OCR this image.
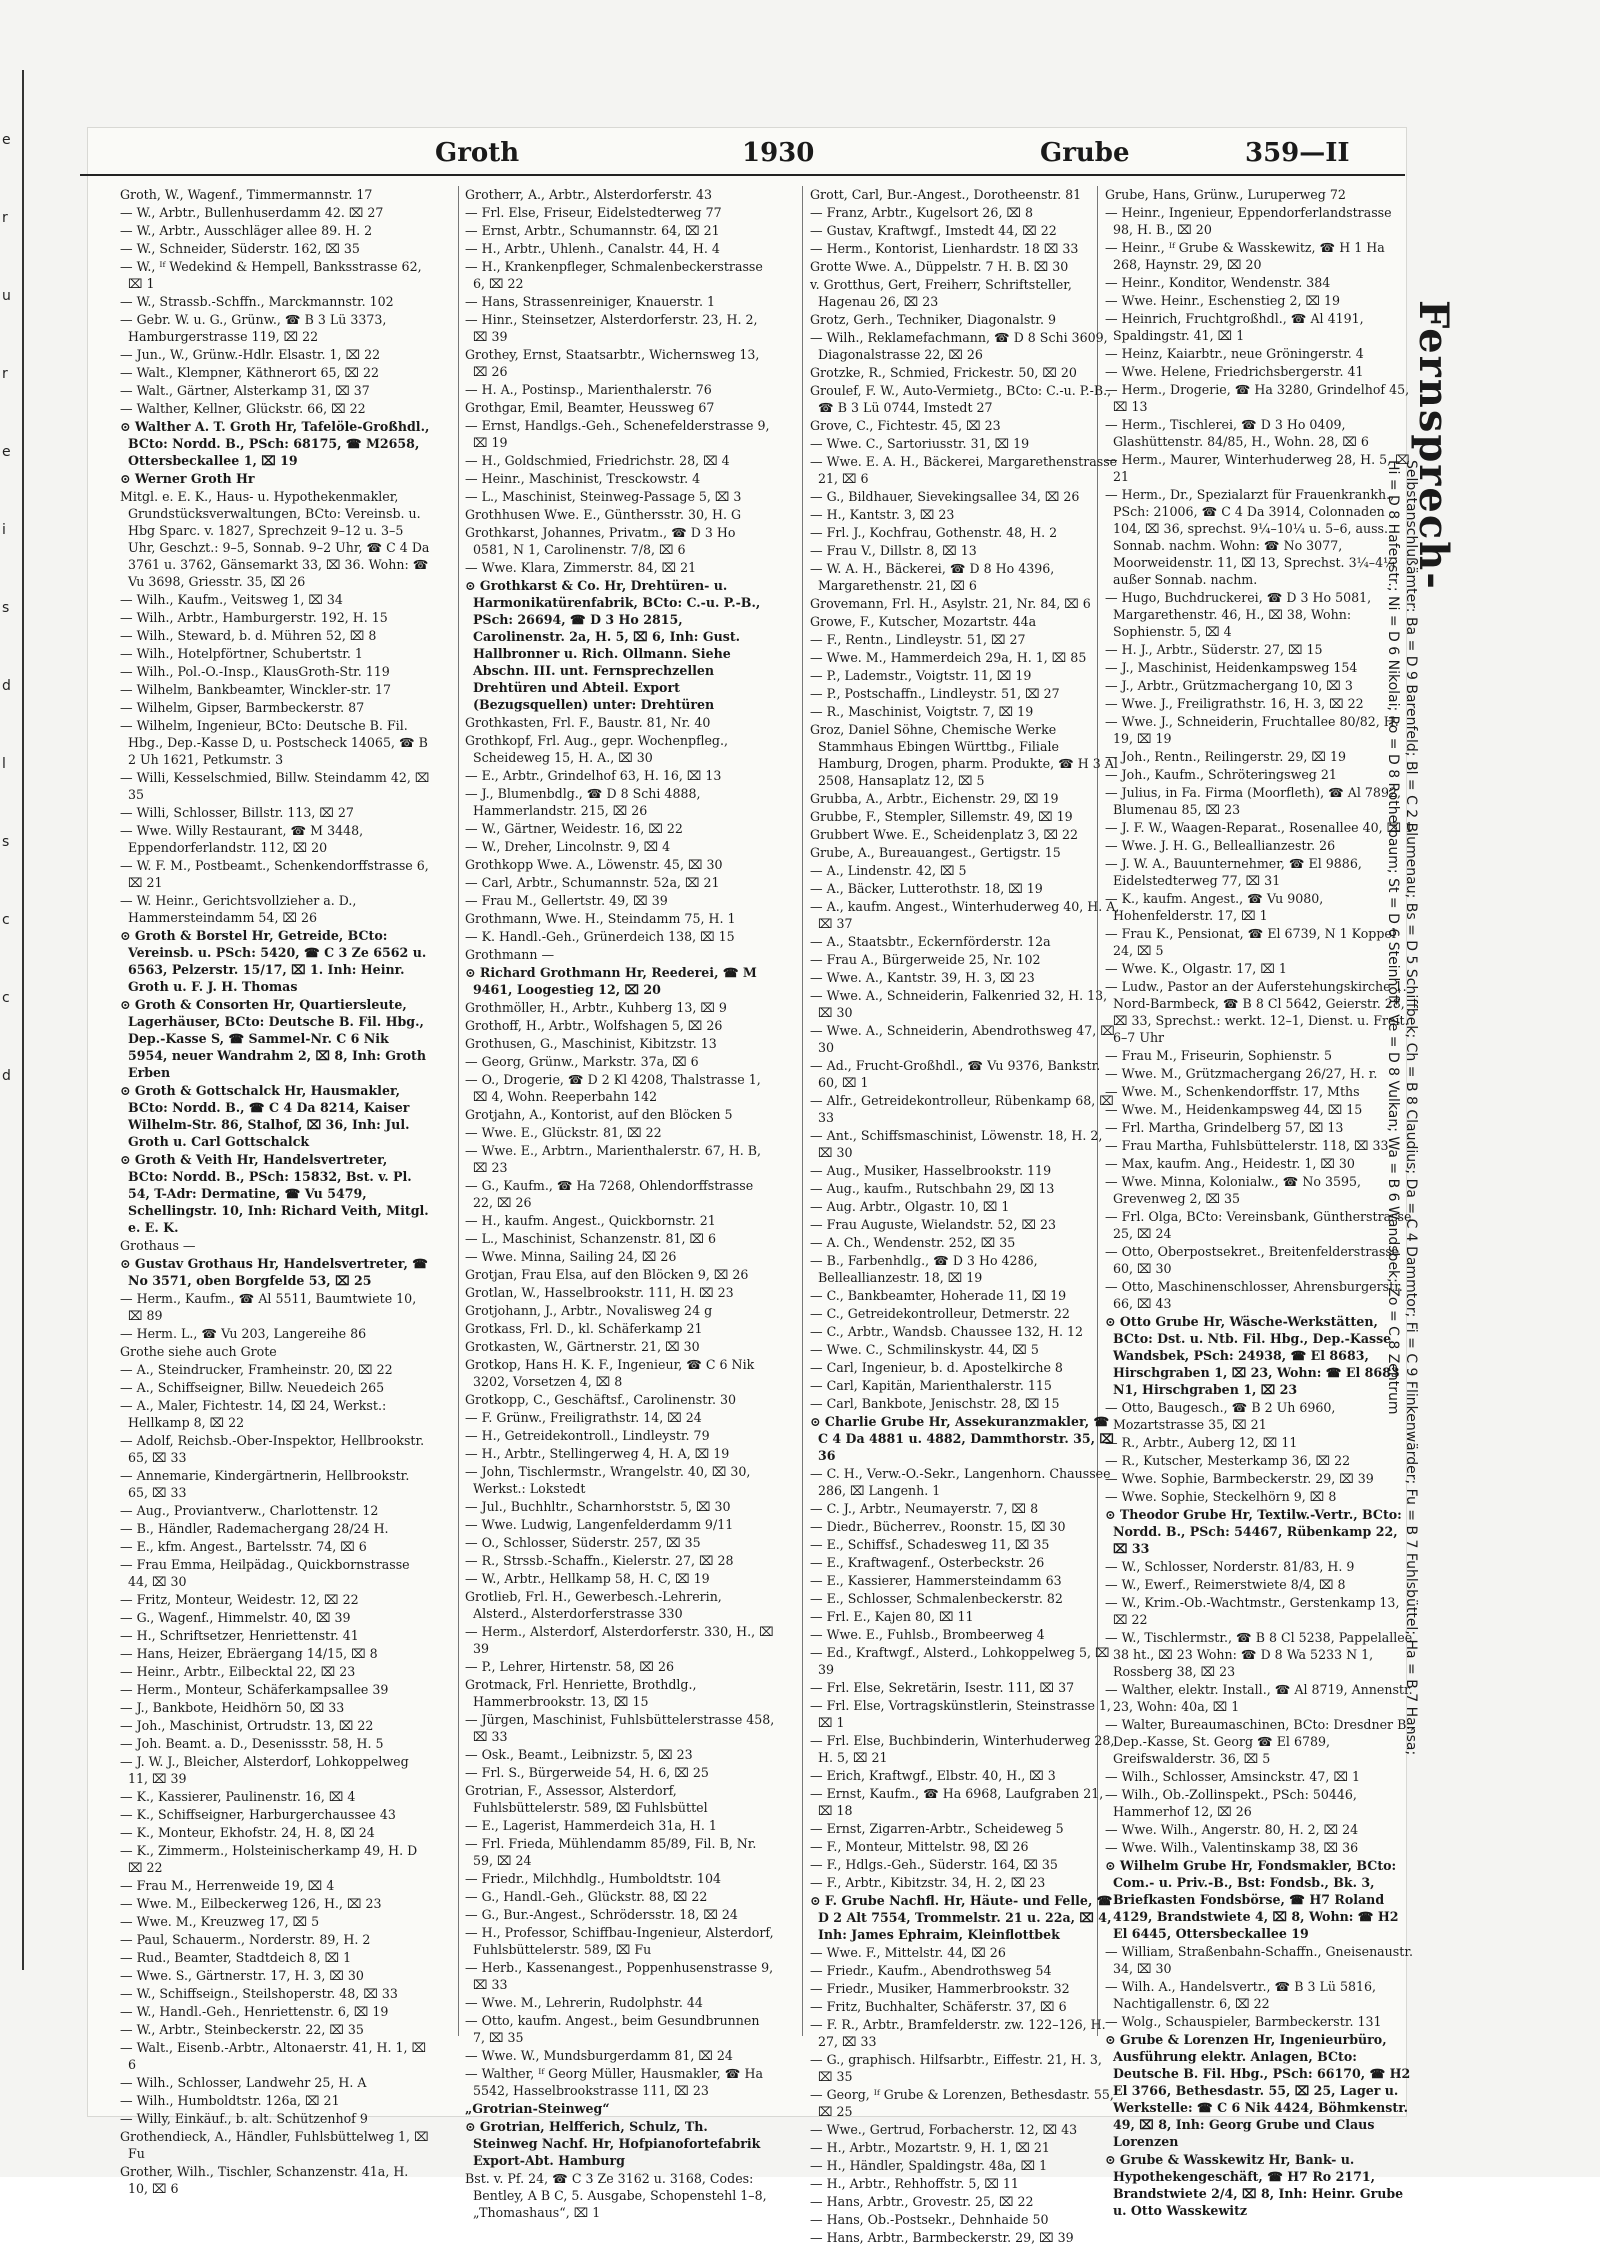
e
r
u
r
e
i
s
d
l
s
c
c
d
Groth	1930	Grube	359—II
Groth, W., Wagenf., Timmermannstr. 17
— W., Arbtr., Bullenhuserdamm 42. ⌧ 27
— W., Arbtr., Ausschläger allee 89. H. 2
— W., Schneider, Süderstr. 162, ⌧ 35
— W., ᴵᶠ Wedekind & Hempell, Banksstrasse 62, ⌧ 1
— W., Strassb.-Schffn., Marckmannstr. 102
— Gebr. W. u. G., Grünw., ☎ B 3 Lü 3373, Hamburgerstrasse 119, ⌧ 22
— Jun., W., Grünw.-Hdlr. Elsastr. 1, ⌧ 22
— Walt., Klempner, Käthnerort 65, ⌧ 22
— Walt., Gärtner, Alsterkamp 31, ⌧ 37
— Walther, Kellner, Glückstr. 66, ⌧ 22
⊙ Walther A. T. Groth Hr, Tafelöle-Großhdl., BCto: Nordd. B., PSch: 68175, ☎ M2658, Ottersbeckallee 1, ⌧ 19
⊙ Werner Groth Hr
Mitgl. e. E. K., Haus- u. Hypothekenmakler, Grundstücksverwaltungen, BCto: Vereinsb. u. Hbg Sparc. v. 1827, Sprechzeit 9–12 u. 3–5 Uhr, Geschzt.: 9–5, Sonnab. 9–2 Uhr, ☎ C 4 Da 3761 u. 3762, Gänsemarkt 33, ⌧ 36. Wohn: ☎ Vu 3698, Griesstr. 35, ⌧ 26
— Wilh., Kaufm., Veitsweg 1, ⌧ 34
— Wilh., Arbtr., Hamburgerstr. 192, H. 15
— Wilh., Steward, b. d. Mühren 52, ⌧ 8
— Wilh., Hotelpförtner, Schubertstr. 1
— Wilh., Pol.-O.-Insp., KlausGroth-Str. 119
— Wilhelm, Bankbeamter, Winckler-str. 17
— Wilhelm, Gipser, Barmbeckerstr. 87
— Wilhelm, Ingenieur, BCto: Deutsche B. Fil. Hbg., Dep.-Kasse D, u. Postscheck 14065, ☎ B 2 Uh 1621, Petkumstr. 3
— Willi, Kesselschmied, Billw. Steindamm 42, ⌧ 35
— Willi, Schlosser, Billstr. 113, ⌧ 27
— Wwe. Willy Restaurant, ☎ M 3448, Eppendorferlandstr. 112, ⌧ 20
— W. F. M., Postbeamt., Schenkendorffstrasse 6, ⌧ 21
— W. Heinr., Gerichtsvollzieher a. D., Hammersteindamm 54, ⌧ 26
⊙ Groth & Borstel Hr, Getreide, BCto: Vereinsb. u. PSch: 5420, ☎ C 3 Ze 6562 u. 6563, Pelzerstr. 15/17, ⌧ 1. Inh: Heinr. Groth u. F. J. H. Thomas
⊙ Groth & Consorten Hr, Quartiersleute, Lagerhäuser, BCto: Deutsche B. Fil. Hbg., Dep.-Kasse S, ☎ Sammel-Nr. C 6 Nik 5954, neuer Wandrahm 2, ⌧ 8, Inh: Groth Erben
⊙ Groth & Gottschalck Hr, Hausmakler, BCto: Nordd. B., ☎ C 4 Da 8214, Kaiser Wilhelm-Str. 86, Stalhof, ⌧ 36, Inh: Jul. Groth u. Carl Gottschalck
⊙ Groth & Veith Hr, Handelsvertreter, BCto: Nordd. B., PSch: 15832, Bst. v. Pl. 54, T-Adr: Dermatine, ☎ Vu 5479, Schellingstr. 10, Inh: Richard Veith, Mitgl. e. E. K.
Grothaus —
⊙ Gustav Grothaus Hr, Handelsvertreter, ☎ No 3571, oben Borgfelde 53, ⌧ 25
— Herm., Kaufm., ☎ Al 5511, Baumtwiete 10, ⌧ 89
— Herm. L., ☎ Vu 203, Langereihe 86
Grothe siehe auch Grote
— A., Steindrucker, Framheinstr. 20, ⌧ 22
— A., Schiffseigner, Billw. Neuedeich 265
— A., Maler, Fichtestr. 14, ⌧ 24, Werkst.: Hellkamp 8, ⌧ 22
— Adolf, Reichsb.-Ober-Inspektor, Hellbrookstr. 65, ⌧ 33
— Annemarie, Kindergärtnerin, Hellbrookstr. 65, ⌧ 33
— Aug., Proviantverw., Charlottenstr. 12
— B., Händler, Rademachergang 28/24 H.
— E., kfm. Angest., Bartelsstr. 74, ⌧ 6
— Frau Emma, Heilpädag., Quickbornstrasse 44, ⌧ 30
— Fritz, Monteur, Weidestr. 12, ⌧ 22
— G., Wagenf., Himmelstr. 40, ⌧ 39
— H., Schriftsetzer, Henriettenstr. 41
— Hans, Heizer, Ebräergang 14/15, ⌧ 8
— Heinr., Arbtr., Eilbecktal 22, ⌧ 23
— Herm., Monteur, Schäferkampsallee 39
— J., Bankbote, Heidhörn 50, ⌧ 33
— Joh., Maschinist, Ortrudstr. 13, ⌧ 22
— Joh. Beamt. a. D., Desenissstr. 58, H. 5
— J. W. J., Bleicher, Alsterdorf, Lohkoppelweg 11, ⌧ 39
— K., Kassierer, Paulinenstr. 16, ⌧ 4
— K., Schiffseigner, Harburgerchaussee 43
— K., Monteur, Ekhofstr. 24, H. 8, ⌧ 24
— K., Zimmerm., Holsteinischerkamp 49, H. D ⌧ 22
— Frau M., Herrenweide 19, ⌧ 4
— Wwe. M., Eilbeckerweg 126, H., ⌧ 23
— Wwe. M., Kreuzweg 17, ⌧ 5
— Paul, Schauerm., Norderstr. 89, H. 2
— Rud., Beamter, Stadtdeich 8, ⌧ 1
— Wwe. S., Gärtnerstr. 17, H. 3, ⌧ 30
— W., Schiffseign., Steilshoperstr. 48, ⌧ 33
— W., Handl.-Geh., Henriettenstr. 6, ⌧ 19
— W., Arbtr., Steinbeckerstr. 22, ⌧ 35
— Walt., Eisenb.-Arbtr., Altonaerstr. 41, H. 1, ⌧ 6
— Wilh., Schlosser, Landwehr 25, H. A
— Wilh., Humboldtstr. 126a, ⌧ 21
— Willy, Einkäuf., b. alt. Schützenhof 9
Grothendieck, A., Händler, Fuhlsbüttelweg 1, ⌧ Fu
Grother, Wilh., Tischler, Schanzenstr. 41a, H. 10, ⌧ 6
Grotherr, A., Arbtr., Alsterdorferstr. 43
— Frl. Else, Friseur, Eidelstedterweg 77
— Ernst, Arbtr., Schumannstr. 64, ⌧ 21
— H., Arbtr., Uhlenh., Canalstr. 44, H. 4
— H., Krankenpfleger, Schmalenbeckerstrasse 6, ⌧ 22
— Hans, Strassenreiniger, Knauerstr. 1
— Hinr., Steinsetzer, Alsterdorferstr. 23, H. 2, ⌧ 39
Grothey, Ernst, Staatsarbtr., Wichernsweg 13, ⌧ 26
— H. A., Postinsp., Marienthalerstr. 76
Grothgar, Emil, Beamter, Heussweg 67
— Ernst, Handlgs.-Geh., Schenefelderstrasse 9, ⌧ 19
— H., Goldschmied, Friedrichstr. 28, ⌧ 4
— Heinr., Maschinist, Tresckowstr. 4
— L., Maschinist, Steinweg-Passage 5, ⌧ 3
Grothhusen Wwe. E., Günthersstr. 30, H. G
Grothkarst, Johannes, Privatm., ☎ D 3 Ho 0581, N 1, Carolinenstr. 7/8, ⌧ 6
— Wwe. Klara, Zimmerstr. 84, ⌧ 21
⊙ Grothkarst & Co. Hr, Drehtüren- u. Harmonikatürenfabrik, BCto: C.-u. P.-B., PSch: 26694, ☎ D 3 Ho 2815, Carolinenstr. 2a, H. 5, ⌧ 6, Inh: Gust. Hallbronner u. Rich. Ollmann. Siehe Abschn. III. unt. Fernsprechzellen Drehtüren und Abteil. Export (Bezugsquellen) unter: Drehtüren
Grothkasten, Frl. F., Baustr. 81, Nr. 40
Grothkopf, Frl. Aug., gepr. Wochenpfleg., Scheideweg 15, H. A., ⌧ 30
— E., Arbtr., Grindelhof 63, H. 16, ⌧ 13
— J., Blumenbdlg., ☎ D 8 Schi 4888, Hammerlandstr. 215, ⌧ 26
— W., Gärtner, Weidestr. 16, ⌧ 22
— W., Dreher, Lincolnstr. 9, ⌧ 4
Grothkopp Wwe. A., Löwenstr. 45, ⌧ 30
— Carl, Arbtr., Schumannstr. 52a, ⌧ 21
— Frau M., Gellertstr. 49, ⌧ 39
Grothmann, Wwe. H., Steindamm 75, H. 1
— K. Handl.-Geh., Grünerdeich 138, ⌧ 15
Grothmann —
⊙ Richard Grothmann Hr, Reederei, ☎ M 9461, Loogestieg 12, ⌧ 20
Grothmöller, H., Arbtr., Kuhberg 13, ⌧ 9
Grothoff, H., Arbtr., Wolfshagen 5, ⌧ 26
Grothusen, G., Maschinist, Kibitzstr. 13
— Georg, Grünw., Markstr. 37a, ⌧ 6
— O., Drogerie, ☎ D 2 Kl 4208, Thalstrasse 1, ⌧ 4, Wohn. Reeperbahn 142
Grotjahn, A., Kontorist, auf den Blöcken 5
— Wwe. E., Glückstr. 81, ⌧ 22
— Wwe. E., Arbtrn., Marienthalerstr. 67, H. B, ⌧ 23
— G., Kaufm., ☎ Ha 7268, Ohlendorffstrasse 22, ⌧ 26
— H., kaufm. Angest., Quickbornstr. 21
— L., Maschinist, Schanzenstr. 81, ⌧ 6
— Wwe. Minna, Sailing 24, ⌧ 26
Grotjan, Frau Elsa, auf den Blöcken 9, ⌧ 26
Grotlan, W., Hasselbrookstr. 111, H. ⌧ 23
Grotjohann, J., Arbtr., Novalisweg 24 g
Grotkass, Frl. D., kl. Schäferkamp 21
Grotkasten, W., Gärtnerstr. 21, ⌧ 30
Grotkop, Hans H. K. F., Ingenieur, ☎ C 6 Nik 3202, Vorsetzen 4, ⌧ 8
Grotkopp, C., Geschäftsf., Carolinenstr. 30
— F. Grünw., Freiligrathstr. 14, ⌧ 24
— H., Getreidekontroll., Lindleystr. 79
— H., Arbtr., Stellingerweg 4, H. A, ⌧ 19
— John, Tischlermstr., Wrangelstr. 40, ⌧ 30, Werkst.: Lokstedt
— Jul., Buchhltr., Scharnhorststr. 5, ⌧ 30
— Wwe. Ludwig, Langenfelderdamm 9/11
— O., Schlosser, Süderstr. 257, ⌧ 35
— R., Strssb.-Schaffn., Kielerstr. 27, ⌧ 28
— W., Arbtr., Hellkamp 58, H. C, ⌧ 19
Grotlieb, Frl. H., Gewerbesch.-Lehrerin, Alsterd., Alsterdorferstrasse 330
— Herm., Alsterdorf, Alsterdorferstr. 330, H., ⌧ 39
— P., Lehrer, Hirtenstr. 58, ⌧ 26
Grotmack, Frl. Henriette, Brothdlg., Hammerbrookstr. 13, ⌧ 15
— Jürgen, Maschinist, Fuhlsbüttelerstrasse 458, ⌧ 33
— Osk., Beamt., Leibnizstr. 5, ⌧ 23
— Frl. S., Bürgerweide 54, H. 6, ⌧ 25
Grotrian, F., Assessor, Alsterdorf, Fuhlsbüttelerstr. 589, ⌧ Fuhlsbüttel
— E., Lagerist, Hammerdeich 31a, H. 1
— Frl. Frieda, Mühlendamm 85/89, Fil. B, Nr. 59, ⌧ 24
— Friedr., Milchhdlg., Humboldtstr. 104
— G., Handl.-Geh., Glückstr. 88, ⌧ 22
— G., Bur.-Angest., Schrödersstr. 18, ⌧ 24
— H., Professor, Schiffbau-Ingenieur, Alsterdorf, Fuhlsbüttelerstr. 589, ⌧ Fu
— Herb., Kassenangest., Poppenhusenstrasse 9, ⌧ 33
— Wwe. M., Lehrerin, Rudolphstr. 44
— Otto, kaufm. Angest., beim Gesundbrunnen 7, ⌧ 35
— Wwe. W., Mundsburgerdamm 81, ⌧ 24
— Walther, ᴵᶠ Georg Müller, Hausmakler, ☎ Ha 5542, Hasselbrookstrasse 111, ⌧ 23
„Grotrian-Steinweg“
⊙ Grotrian, Helfferich, Schulz, Th. Steinweg Nachf. Hr, Hofpianofortefabrik Export-Abt. Hamburg
Bst. v. Pf. 24, ☎ C 3 Ze 3162 u. 3168, Codes: Bentley, A B C, 5. Ausgabe, Schopenstehl 1–8, „Thomashaus“, ⌧ 1
Grott, Carl, Bur.-Angest., Dorotheenstr. 81
— Franz, Arbtr., Kugelsort 26, ⌧ 8
— Gustav, Kraftwgf., Imstedt 44, ⌧ 22
— Herm., Kontorist, Lienhardstr. 18 ⌧ 33
Grotte Wwe. A., Düppelstr. 7 H. B. ⌧ 30
v. Grotthus, Gert, Freiherr, Schriftsteller, Hagenau 26, ⌧ 23
Grotz, Gerh., Techniker, Diagonalstr. 9
— Wilh., Reklamefachmann, ☎ D 8 Schi 3609, Diagonalstrasse 22, ⌧ 26
Grotzke, R., Schmied, Frickestr. 50, ⌧ 20
Groulef, F. W., Auto-Vermietg., BCto: C.-u. P.-B., ☎ B 3 Lü 0744, Imstedt 27
Grove, C., Fichtestr. 45, ⌧ 23
— Wwe. C., Sartoriusstr. 31, ⌧ 19
— Wwe. E. A. H., Bäckerei, Margarethenstrasse 21, ⌧ 6
— G., Bildhauer, Sievekingsallee 34, ⌧ 26
— H., Kantstr. 3, ⌧ 23
— Frl. J., Kochfrau, Gothenstr. 48, H. 2
— Frau V., Dillstr. 8, ⌧ 13
— W. A. H., Bäckerei, ☎ D 8 Ho 4396, Margarethenstr. 21, ⌧ 6
Grovemann, Frl. H., Asylstr. 21, Nr. 84, ⌧ 6
Growe, F., Kutscher, Mozartstr. 44a
— F., Rentn., Lindleystr. 51, ⌧ 27
— Wwe. M., Hammerdeich 29a, H. 1, ⌧ 85
— P., Lademstr., Voigtstr. 11, ⌧ 19
— P., Postschaffn., Lindleystr. 51, ⌧ 27
— R., Maschinist, Voigtstr. 7, ⌧ 19
Groz, Daniel Söhne, Chemische Werke Stammhaus Ebingen Württbg., Filiale Hamburg, Drogen, pharm. Produkte, ☎ H 3 Al 2508, Hansaplatz 12, ⌧ 5
Grubba, A., Arbtr., Eichenstr. 29, ⌧ 19
Grubbe, F., Stempler, Sillemstr. 49, ⌧ 19
Grubbert Wwe. E., Scheidenplatz 3, ⌧ 22
Grube, A., Bureauangest., Gertigstr. 15
— A., Lindenstr. 42, ⌧ 5
— A., Bäcker, Lutterothstr. 18, ⌧ 19
— A., kaufm. Angest., Winterhuderweg 40, H. A, ⌧ 37
— A., Staatsbtr., Eckernförderstr. 12a
— Frau A., Bürgerweide 25, Nr. 102
— Wwe. A., Kantstr. 39, H. 3, ⌧ 23
— Wwe. A., Schneiderin, Falkenried 32, H. 13, ⌧ 30
— Wwe. A., Schneiderin, Abendrothsweg 47, ⌧ 30
— Ad., Frucht-Großhdl., ☎ Vu 9376, Bankstr. 60, ⌧ 1
— Alfr., Getreidekontrolleur, Rübenkamp 68, ⌧ 33
— Ant., Schiffsmaschinist, Löwenstr. 18, H. 2, ⌧ 30
— Aug., Musiker, Hasselbrookstr. 119
— Aug., kaufm., Rutschbahn 29, ⌧ 13
— Aug. Arbtr., Olgastr. 10, ⌧ 1
— Frau Auguste, Wielandstr. 52, ⌧ 23
— A. Ch., Wendenstr. 252, ⌧ 35
— B., Farbenhdlg., ☎ D 3 Ho 4286, Belleallianzestr. 18, ⌧ 19
— C., Bankbeamter, Hoherade 11, ⌧ 19
— C., Getreidekontrolleur, Detmerstr. 22
— C., Arbtr., Wandsb. Chaussee 132, H. 12
— Wwe. C., Schmilinskystr. 44, ⌧ 5
— Carl, Ingenieur, b. d. Apostelkirche 8
— Carl, Kapitän, Marienthalerstr. 115
— Carl, Bankbote, Jenischstr. 28, ⌧ 15
⊙ Charlie Grube Hr, Assekuranzmakler, ☎ C 4 Da 4881 u. 4882, Dammthorstr. 35, ⌧ 36
— C. H., Verw.-O.-Sekr., Langenhorn. Chaussee 286, ⌧ Langenh. 1
— C. J., Arbtr., Neumayerstr. 7, ⌧ 8
— Diedr., Bücherrev., Roonstr. 15, ⌧ 30
— E., Schiffsf., Schadesweg 11, ⌧ 35
— E., Kraftwagenf., Osterbeckstr. 26
— E., Kassierer, Hammersteindamm 63
— E., Schlosser, Schmalenbeckerstr. 82
— Frl. E., Kajen 80, ⌧ 11
— Wwe. E., Fuhlsb., Brombeerweg 4
— Ed., Kraftwgf., Alsterd., Lohkoppelweg 5, ⌧ 39
— Frl. Else, Sekretärin, Isestr. 111, ⌧ 37
— Frl. Else, Vortragskünstlerin, Steinstrasse 1, ⌧ 1
— Frl. Else, Buchbinderin, Winterhuderweg 28, H. 5, ⌧ 21
— Erich, Kraftwgf., Elbstr. 40, H., ⌧ 3
— Ernst, Kaufm., ☎ Ha 6968, Laufgraben 21, ⌧ 18
— Ernst, Zigarren-Arbtr., Scheideweg 5
— F., Monteur, Mittelstr. 98, ⌧ 26
— F., Hdlgs.-Geh., Süderstr. 164, ⌧ 35
— F., Arbtr., Kibitzstr. 34, H. 2, ⌧ 23
⊙ F. Grube Nachfl. Hr, Häute- und Felle, ☎ D 2 Alt 7554, Trommelstr. 21 u. 22a, ⌧ 4, Inh: James Ephraim, Kleinflottbek
— Wwe. F., Mittelstr. 44, ⌧ 26
— Friedr., Kaufm., Abendrothsweg 54
— Friedr., Musiker, Hammerbrookstr. 32
— Fritz, Buchhalter, Schäferstr. 37, ⌧ 6
— F. R., Arbtr., Bramfelderstr. zw. 122–126, H. 27, ⌧ 33
— G., graphisch. Hilfsarbtr., Eiffestr. 21, H. 3, ⌧ 35
— Georg, ᴵᶠ Grube & Lorenzen, Bethesdastr. 55, ⌧ 25
— Wwe., Gertrud, Forbacherstr. 12, ⌧ 43
— H., Arbtr., Mozartstr. 9, H. 1, ⌧ 21
— H., Händler, Spaldingstr. 48a, ⌧ 1
— H., Arbtr., Rehhoffstr. 5, ⌧ 11
— Hans, Arbtr., Grovestr. 25, ⌧ 22
— Hans, Ob.-Postsekr., Dehnhaide 50
— Hans, Arbtr., Barmbeckerstr. 29, ⌧ 39
Grube, Hans, Grünw., Luruperweg 72
— Heinr., Ingenieur, Eppendorferlandstrasse 98, H. B., ⌧ 20
— Heinr., ᴵᶠ Grube & Wasskewitz, ☎ H 1 Ha 268, Haynstr. 29, ⌧ 20
— Heinr., Konditor, Wendenstr. 384
— Wwe. Heinr., Eschenstieg 2, ⌧ 19
— Heinrich, Fruchtgroßhdl., ☎ Al 4191, Spaldingstr. 41, ⌧ 1
— Heinz, Kaiarbtr., neue Gröningerstr. 4
— Wwe. Helene, Friedrichsbergerstr. 41
— Herm., Drogerie, ☎ Ha 3280, Grindelhof 45, ⌧ 13
— Herm., Tischlerei, ☎ D 3 Ho 0409, Glashüttenstr. 84/85, H., Wohn. 28, ⌧ 6
— Herm., Maurer, Winterhuderweg 28, H. 5, ⌧ 21
— Herm., Dr., Spezialarzt für Frauenkrankh., PSch: 21006, ☎ C 4 Da 3914, Colonnaden 104, ⌧ 36, sprechst. 9¼–10¼ u. 5–6, auss. Sonnab. nachm. Wohn: ☎ No 3077, Moorweidenstr. 11, ⌧ 13, Sprechst. 3¼–4¼ außer Sonnab. nachm.
— Hugo, Buchdruckerei, ☎ D 3 Ho 5081, Margarethenstr. 46, H., ⌧ 38, Wohn: Sophienstr. 5, ⌧ 4
— H. J., Arbtr., Süderstr. 27, ⌧ 15
— J., Maschinist, Heidenkampsweg 154
— J., Arbtr., Grützmachergang 10, ⌧ 3
— Wwe. J., Freiligrathstr. 16, H. 3, ⌧ 22
— Wwe. J., Schneiderin, Fruchtallee 80/82, H. 19, ⌧ 19
— Joh., Rentn., Reilingerstr. 29, ⌧ 19
— Joh., Kaufm., Schröteringsweg 21
— Julius, in Fa. Firma (Moorfleth), ☎ Al 7892, Blumenau 85, ⌧ 23
— J. F. W., Waagen-Reparat., Rosenallee 40, ⌧ 1
— Wwe. J. H. G., Belleallianzestr. 26
— J. W. A., Bauunternehmer, ☎ El 9886, Eidelstedterweg 77, ⌧ 31
— K., kaufm. Angest., ☎ Vu 9080, Hohenfelderstr. 17, ⌧ 1
— Frau K., Pensionat, ☎ El 6739, N 1 Koppel 24, ⌧ 5
— Wwe. K., Olgastr. 17, ⌧ 1
— Ludw., Pastor an der Auferstehungskirche 1. Nord-Barmbeck, ☎ B 8 Cl 5642, Geierstr. 28, ⌧ 33, Sprechst.: werkt. 12–1, Dienst. u. Freit. 6–7 Uhr
— Frau M., Friseurin, Sophienstr. 5
— Wwe. M., Grützmachergang 26/27, H. r.
— Wwe. M., Schenkendorffstr. 17, Mths
— Wwe. M., Heidenkampsweg 44, ⌧ 15
— Frl. Martha, Grindelberg 57, ⌧ 13
— Frau Martha, Fuhlsbüttelerstr. 118, ⌧ 33
— Max, kaufm. Ang., Heidestr. 1, ⌧ 30
— Wwe. Minna, Kolonialw., ☎ No 3595, Grevenweg 2, ⌧ 35
— Frl. Olga, BCto: Vereinsbank, Güntherstrasse 25, ⌧ 24
— Otto, Oberpostsekret., Breitenfelderstrasse 60, ⌧ 30
— Otto, Maschinenschlosser, Ahrensburgerstr. 66, ⌧ 43
⊙ Otto Grube Hr, Wäsche-Werkstätten, BCto: Dst. u. Ntb. Fil. Hbg., Dep.-Kasse Wandsbek, PSch: 24938, ☎ El 8683, Hirschgraben 1, ⌧ 23, Wohn: ☎ El 8683 N1, Hirschgraben 1, ⌧ 23
— Otto, Baugesch., ☎ B 2 Uh 6960, Mozartstrasse 35, ⌧ 21
— R., Arbtr., Auberg 12, ⌧ 11
— R., Kutscher, Mesterkamp 36, ⌧ 22
— Wwe. Sophie, Barmbeckerstr. 29, ⌧ 39
— Wwe. Sophie, Steckelhörn 9, ⌧ 8
⊙ Theodor Grube Hr, Textilw.-Vertr., BCto: Nordd. B., PSch: 54467, Rübenkamp 22, ⌧ 33
— W., Schlosser, Norderstr. 81/83, H. 9
— W., Ewerf., Reimerstwiete 8/4, ⌧ 8
— W., Krim.-Ob.-Wachtmstr., Gerstenkamp 13, ⌧ 22
— W., Tischlermstr., ☎ B 8 Cl 5238, Pappelallee 38 ht., ⌧ 23 Wohn: ☎ D 8 Wa 5233 N 1, Rossberg 38, ⌧ 23
— Walther, elektr. Install., ☎ Al 8719, Annenstr. 23, Wohn: 40a, ⌧ 1
— Walter, Bureaumaschinen, BCto: Dresdner B., Dep.-Kasse, St. Georg ☎ El 6789, Greifswalderstr. 36, ⌧ 5
— Wilh., Schlosser, Amsinckstr. 47, ⌧ 1
— Wilh., Ob.-Zollinspekt., PSch: 50446, Hammerhof 12, ⌧ 26
— Wwe. Wilh., Angerstr. 80, H. 2, ⌧ 24
— Wwe. Wilh., Valentinskamp 38, ⌧ 36
⊙ Wilhelm Grube Hr, Fondsmakler, BCto: Com.- u. Priv.-B., Bst: Fondsb., Bk. 3, Briefkasten Fondsbörse, ☎ H7 Roland 4129, Brandstwiete 4, ⌧ 8, Wohn: ☎ H2 El 6445, Ottersbeckallee 19
— William, Straßenbahn-Schaffn., Gneisenaustr. 34, ⌧ 30
— Wilh. A., Handelsvertr., ☎ B 3 Lü 5816, Nachtigallenstr. 6, ⌧ 22
— Wolg., Schauspieler, Barmbeckerstr. 131
⊙ Grube & Lorenzen Hr, Ingenieurbüro, Ausführung elektr. Anlagen, BCto: Deutsche B. Fil. Hbg., PSch: 66170, ☎ H2 El 3766, Bethesdastr. 55, ⌧ 25, Lager u. Werkstelle: ☎ C 6 Nik 4424, Böhmkenstr. 49, ⌧ 8, Inh: Georg Grube und Claus Lorenzen
⊙ Grube & Wasskewitz Hr, Bank- u. Hypothekengeschäft, ☎ H7 Ro 2171, Brandstwiete 2/4, ⌧ 8, Inh: Heinr. Grube u. Otto Wasskewitz
Fernsprech-
Selbstanschlußämter: Ba = D 9 Barenfeld; Bl = C 2 Blumenau; Bs = D 5 Schiffbek; Ch = B 8 Claudius; Da = C 4 Dammtor; Fi = C 9 Flinkenwärder; Fu = B 7 Fuhlsbüttel; Ha = B 7 Hansa; Hi = D 8 Hafenstr.; Ni = D 6 Nikolai; Ro = D 8 Rotherbaum; St = D 6 Steinhöft; Ve = D 8 Vulkan; Wa = B 6 Wandsbek; Zo = C 8 Zentrum
